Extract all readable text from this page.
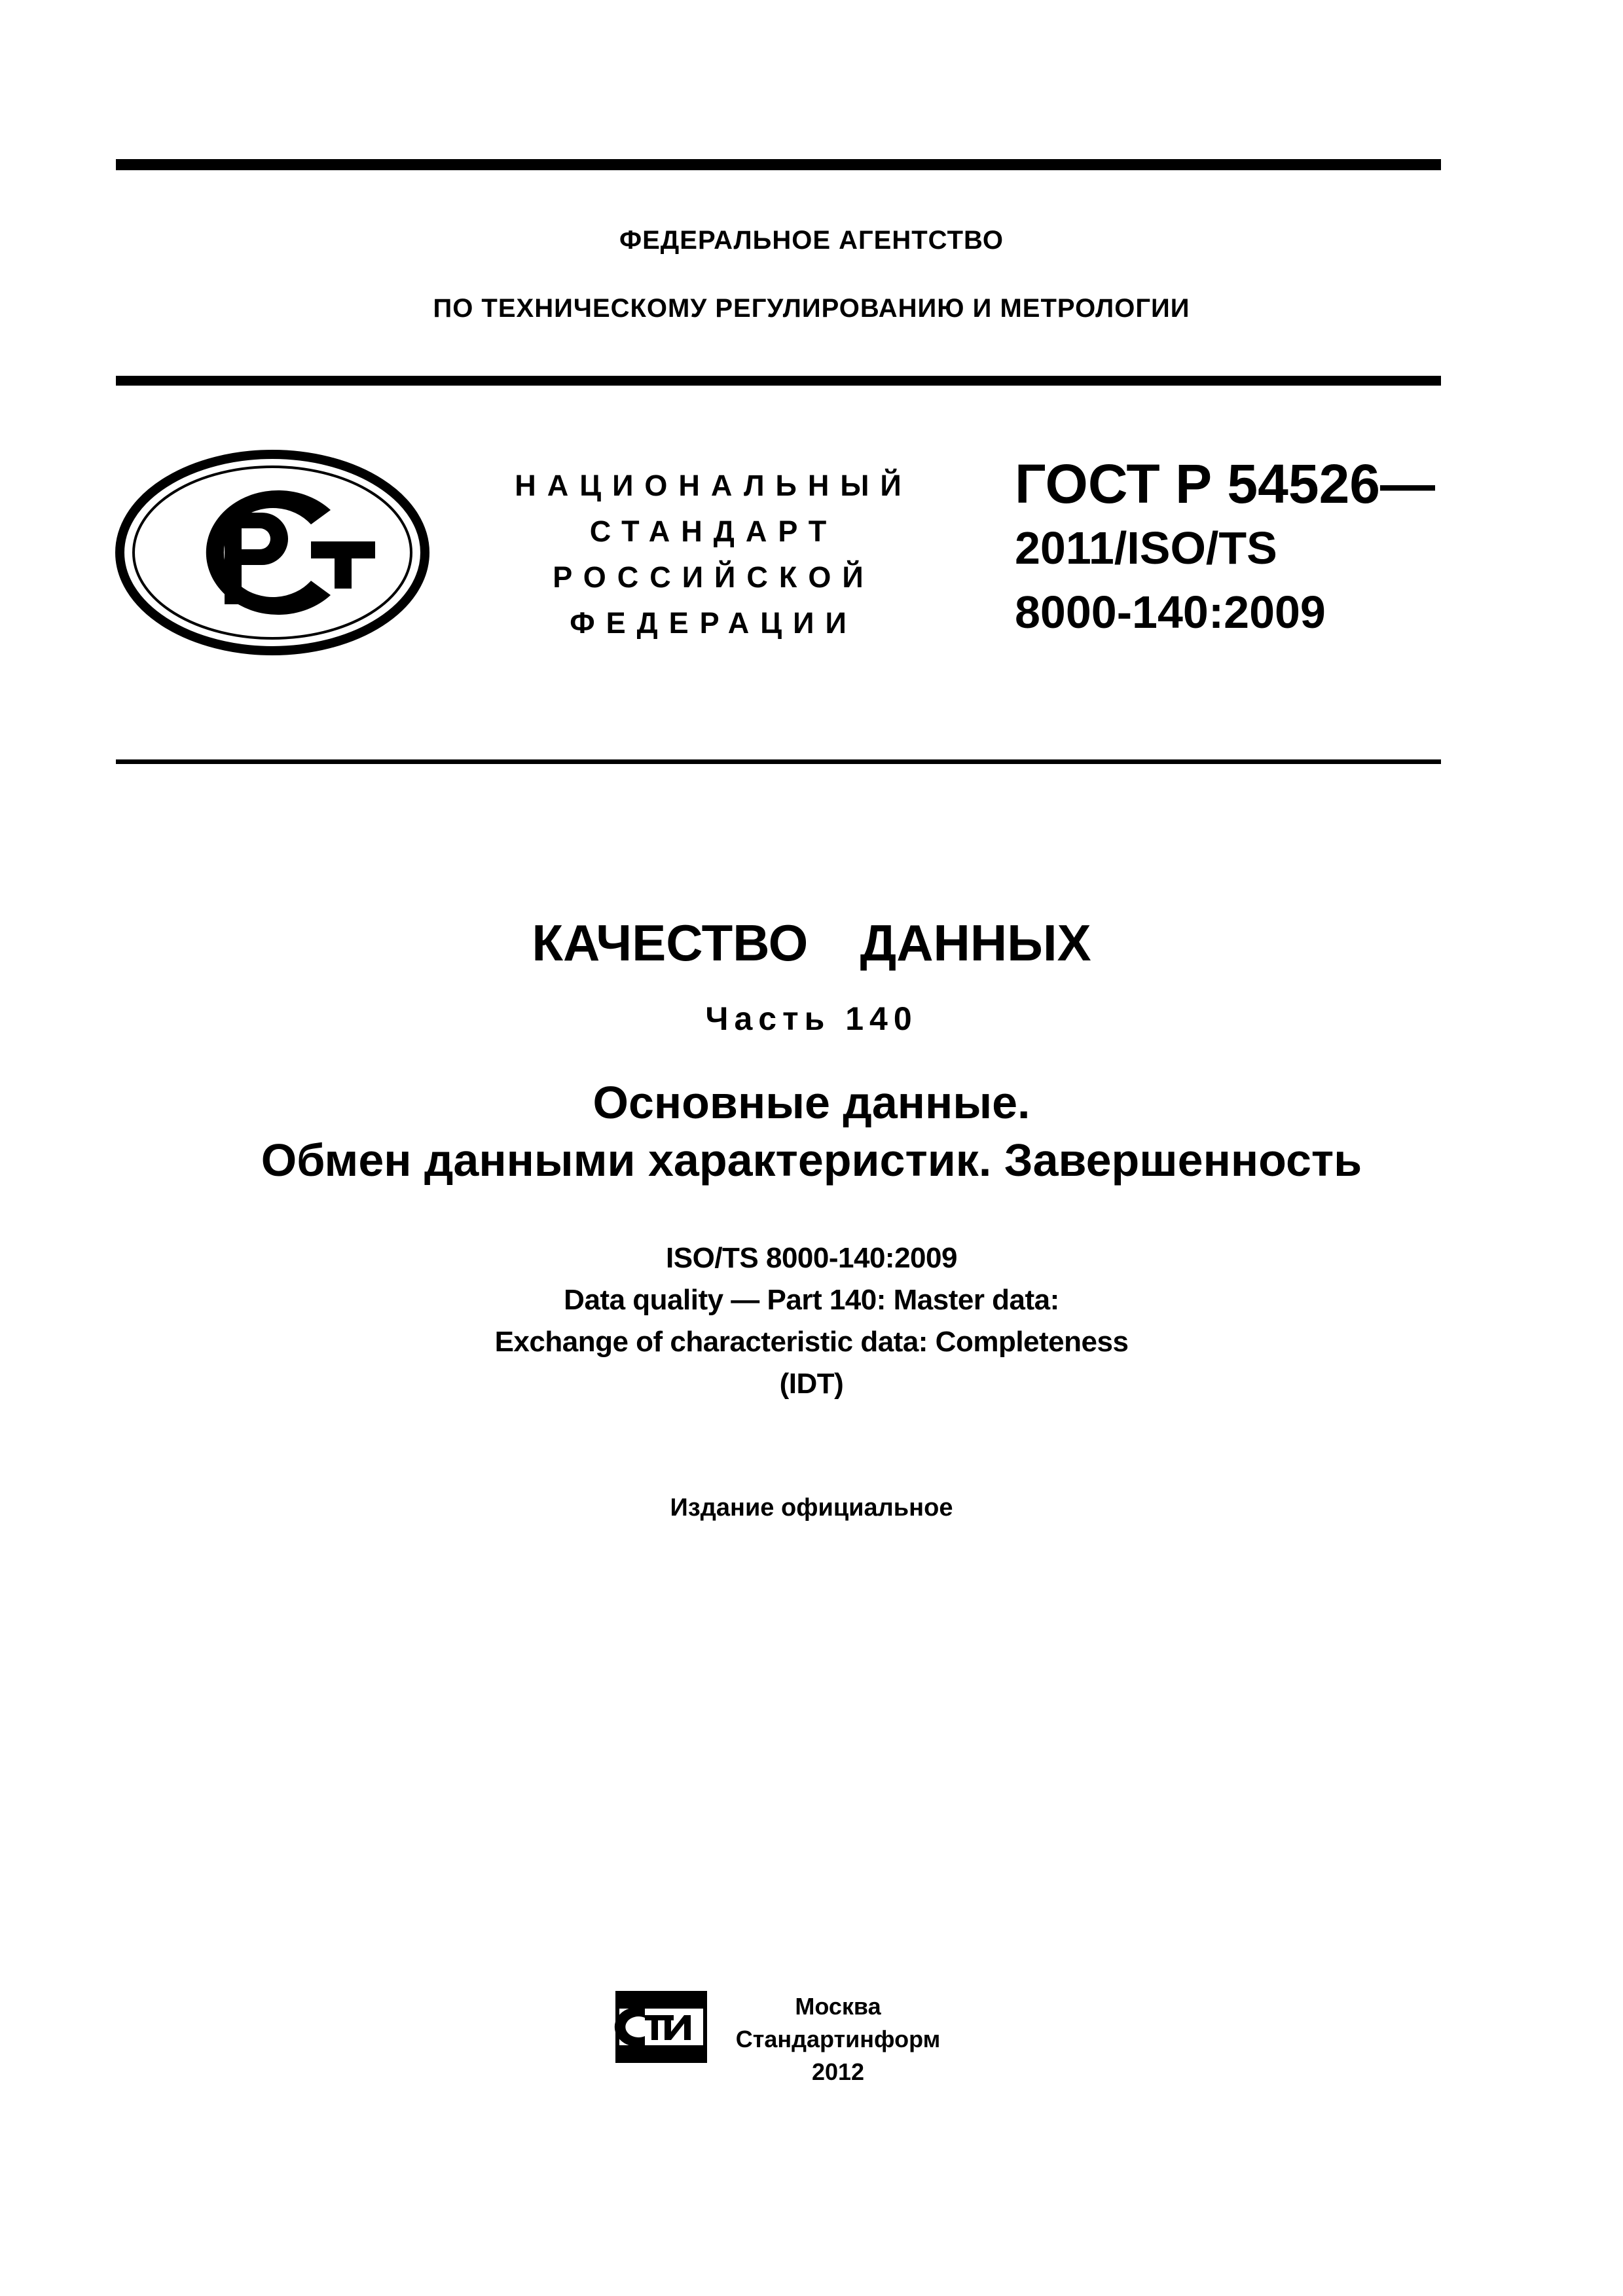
ФЕДЕРАЛЬНОЕ АГЕНТСТВО
ПО ТЕХНИЧЕСКОМУ РЕГУЛИРОВАНИЮ И МЕТРОЛОГИИ
НАЦИОНАЛЬНЫЙ
СТАНДАРТ
РОССИЙСКОЙ
ФЕДЕРАЦИИ
ГОСТ Р 54526—
2011/ISO/TS
8000-140:2009
КАЧЕСТВО  ДАННЫХ
Часть 140
Основные данные.
Обмен данными характеристик. Завершенность
ISO/TS 8000-140:2009
Data quality — Part 140: Master data:
Exchange of characteristic data: Completeness
(IDT)
Издание официальное
Москва
Стандартинформ
2012
